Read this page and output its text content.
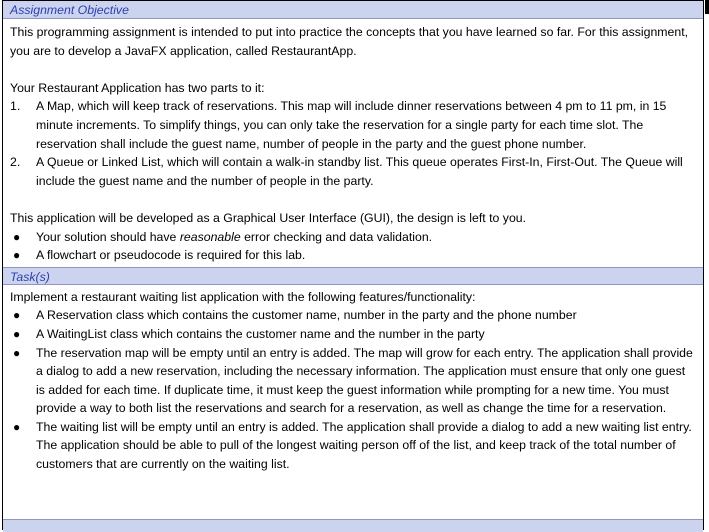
Assignment Objective

This programming assignment is intended to put into practice the concepts that you have learned so far. For this assignment, you are to develop a JavaFX application, called RestaurantApp.

Your Restaurant Application has two parts to it:

1. A Map, which will keep track of reservations. This map will include dinner reservations between 4 pm to 11 pm, in 15 minute increments. To simplify things, you can only take the reservation for a single party for each time slot. The reservation shall include the guest name, number of people in the party and the guest phone number.
2. A Queue or Linked List, which will contain a walk-in standby list. This queue operates First-In, First-Out. The Queue will include the guest name and the number of people in the party.

This application will be developed as a Graphical User Interface (GUI), the design is left to you.

● Your solution should have reasonable error checking and data validation.
● A flowchart or pseudocode is required for this lab.
Task(s)

Implement a restaurant waiting list application with the following features/functionality:

● A Reservation class which contains the customer name, number in the party and the phone number
● A WaitingList class which contains the customer name and the number in the party
● The reservation map will be empty until an entry is added. The map will grow for each entry. The application shall provide a dialog to add a new reservation, including the necessary information. The application must ensure that only one guest is added for each time. If duplicate time, it must keep the guest information while prompting for a new time. You must provide a way to both list the reservations and search for a reservation, as well as change the time for a reservation.
● The waiting list will be empty until an entry is added. The application shall provide a dialog to add a new waiting list entry. The application should be able to pull of the longest waiting person off of the list, and keep track of the total number of customers that are currently on the waiting list.
